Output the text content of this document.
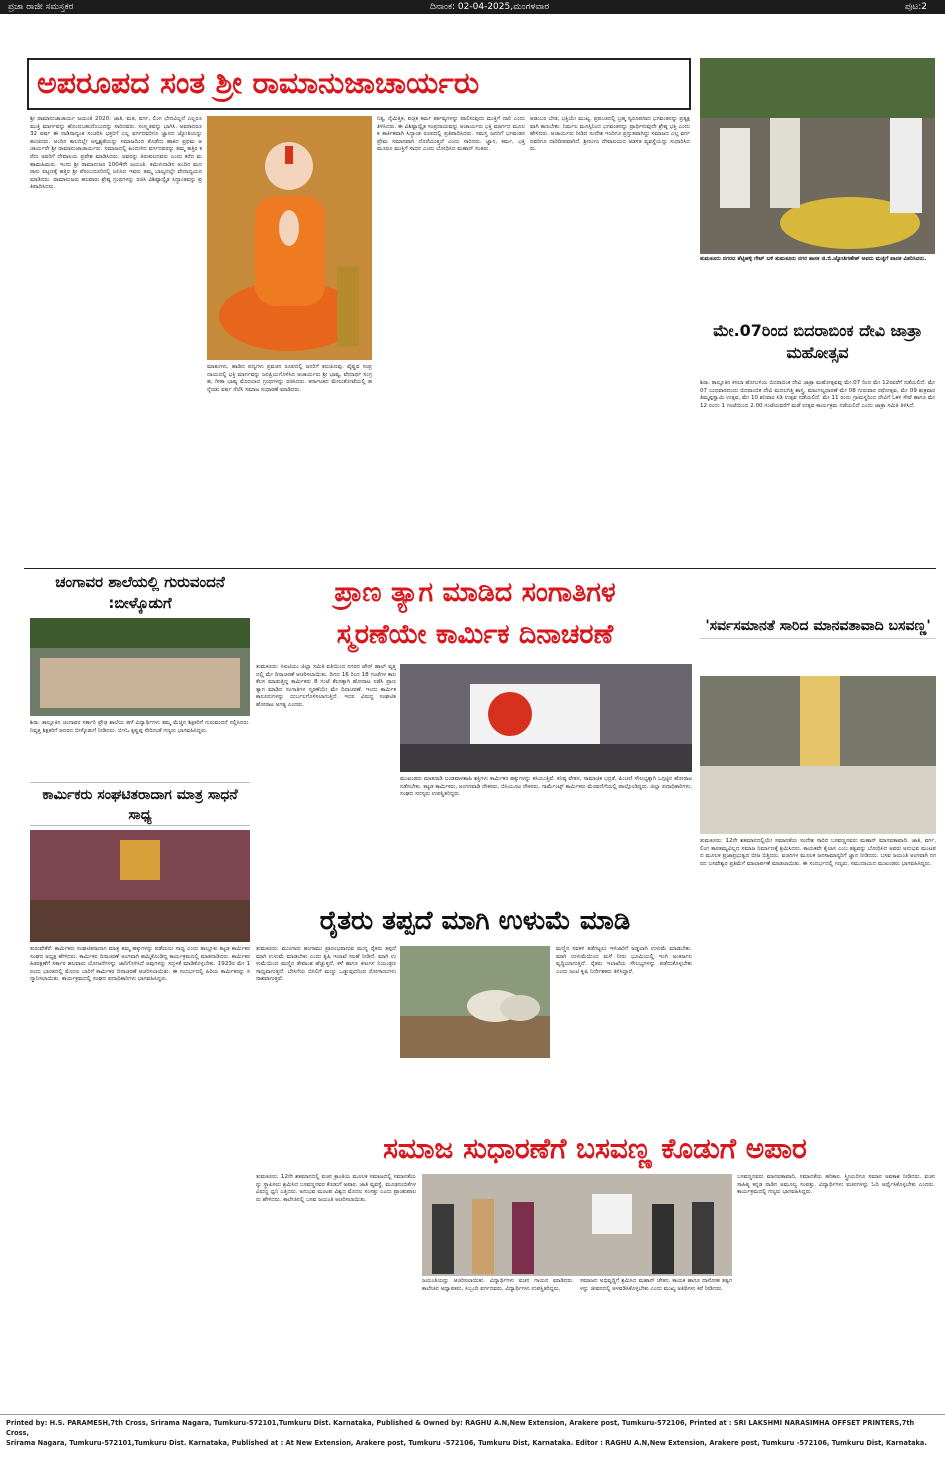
ಪ್ರಜಾ ರಾಜೀ ಸಮಸ್ತಕರ	ದಿನಾಂಕ: 02-04-2025,ಮಂಗಳವಾರ	ಪುಟ:2
ಅಪರೂಪದ ಸಂತ ಶ್ರೀ ರಾಮಾನುಜಾಚಾರ್ಯರು
ಶ್ರೀ ರಾಮಾನುಜಾಚಾರ್ಯ ಜಯಂತಿ 2020: ಜಾತಿ, ಮತ, ವರ್ಗ, ಲಿಂಗ ಭೇದವಿಲ್ಲದೆ ಎಲ್ಲರೂ ಮುಕ್ತಿ ಮಾರ್ಗವನ್ನು ಹೊಂದಬಹುದೆಂಬುದನ್ನು ಸಾರಿದವರು. ಸಂಸ್ಕೃತವನ್ನು ಭಾಗಿಸಿ. ಅವರಾದರೂ 32 ವರ್ಷ ಈ ನಾಡಿನಾದ್ಯಂತ ಸಂಚರಿಸಿ ಭಕ್ತರಿಗೆ ಎಲ್ಲ ವರ್ಗದವರಿಗೂ ಜ್ಞಾನದ ಜ್ಯೋತಿಯನ್ನು ಹಂಚಿದರು. ಅಂದಿನ ಕಾಲದಲ್ಲೇ ಅಸ್ಪೃಶ್ಯತೆಯನ್ನು ಸಮಾಜದಿಂದ ತೊಡೆದು ಹಾಕಿದ ಪ್ರಥಮ ಆಚಾರ್ಯರೇ ಶ್ರೀ ರಾಮಾನುಜಾಚಾರ್ಯರು. ಸಮಾಜದಲ್ಲಿ ಹಿಂದುಳಿದ ವರ್ಗದವರನ್ನು ತಮ್ಮ ಹತ್ತಿರ ಕರೆದು ಅವರಿಗೆ ದೇವಾಲಯ ಪ್ರವೇಶ ಮಾಡಿಸಿದರು. ಅವರನ್ನು ತಿರುಕುಲದವರು ಎಂದು ಕರೆದ ಮಹಾಮಹಿಮರು. ಇಂದು ಶ್ರೀ ರಾಮಾನುಜರ 1004ನೇ ಜಯಂತಿ. ತಮಿಳುನಾಡಿನ ಅಂದಿನ ಮದರಾಸು ಪಟ್ಟಣಕ್ಕೆ ಹತ್ತಿರ ಶ್ರೀ ಪೆರಂಬದೂರಿನಲ್ಲಿ ಜನಿಸಿದ ಇವರು ತಮ್ಮ ಬಾಲ್ಯದಲ್ಲೇ ವೇದಾಧ್ಯಯನ ಮಾಡಿದರು. ರಾಮಾನುಜರು ಹಲವಾರು ಶ್ರೇಷ್ಠ ಗ್ರಂಥಗಳನ್ನು ರಚಿಸಿ ವಿಶಿಷ್ಟಾದ್ವೈತ ಸಿದ್ಧಾಂತವನ್ನು ಪ್ರತಿಪಾದಿಸಿದರು.
ಮಾತುಗಳು, ಹಾಡಿದ ಪದ್ಯಗಳು ಪ್ರವಚನ ರೂಪದಲ್ಲಿ ಜನರಿಗೆ ತಲುಪಿದವು. ವೈಷ್ಣವ ಸಂಪ್ರದಾಯದಲ್ಲಿ ಭಕ್ತಿ ಮಾರ್ಗವನ್ನು ಜನಪ್ರಿಯಗೊಳಿಸಿದ ಆಚಾರ್ಯರು ಶ್ರೀ ಭಾಷ್ಯ, ವೇದಾರ್ಥ ಸಂಗ್ರಹ, ಗೀತಾ ಭಾಷ್ಯ ಮೊದಲಾದ ಗ್ರಂಥಗಳನ್ನು ರಚಿಸಿದರು. ಕರ್ನಾಟಕದ ಮೇಲುಕೋಟೆಯಲ್ಲಿ ಹನ್ನೆರಡು ವರ್ಷ ನೆಲೆಸಿ ಸಮಾಜ ಸುಧಾರಣೆ ಮಾಡಿದರು.
ನಿತ್ಯ, ನೈಮಿತ್ತಿಕ, ಐಚ್ಛಿಕ ಕರ್ಮ ಕರ್ತವ್ಯಗಳನ್ನು ಪಾಲಿಸುವುದು ಮುಕ್ತಿಗೆ ದಾರಿ ಎಂದು ತಿಳಿಸಿದರು. ಈ ವಿಶಿಷ್ಟಾದ್ವೈತ ಸಂಪ್ರದಾಯವನ್ನು ಆಚಾರ್ಯರು ಭಕ್ತಿ ಮಾರ್ಗದ ಮೂಲಕ ತಾರ್ಕಿಕವಾಗಿ ಸಿದ್ಧಾಂತ ರೂಪದಲ್ಲಿ ಪ್ರತಿಪಾದಿಸಿದರು. ಸಮಸ್ತ ಜನರಿಗೆ ಭಗವಂತನ ಪ್ರೇಮ ಸಮಾನವಾಗಿ ದೊರೆಯುತ್ತದೆ ಎಂದು ಸಾರಿದರು. ಜ್ಞಾನ, ಕರ್ಮ, ಭಕ್ತಿ ಮೂರೂ ಮುಕ್ತಿಗೆ ಸಾಧನ ಎಂದು ಬೋಧಿಸಿದ ಮಹಾನ್ ಸಂತರು.
ಆಡಂಬರ ಬೇಡ, ಭಕ್ತಿಯೇ ಮುಖ್ಯ. ಪ್ರಪಂಚದಲ್ಲಿ ಬ್ರಹ್ಮ ಸ್ವರೂಪನಾದ ಭಗವಂತನನ್ನು ಪ್ರತ್ಯಕ್ಷವಾಗಿ ಕಾಣಬೇಕು. ನಿರ್ಮಲ ಮನಸ್ಸಿನಿಂದ ಭಗವಂತನನ್ನು ಪ್ರಾರ್ಥಿಸುವುದೇ ಶ್ರೇಷ್ಠ ಭಕ್ತಿ ಎಂದು ಹೇಳಿದರು. ಆಚಾರ್ಯರು ನೀಡಿದ ಸಂದೇಶ ಇಂದಿಗೂ ಪ್ರಸ್ತುತವಾಗಿದ್ದು ಸಮಾಜದ ಎಲ್ಲ ವರ್ಗದವರಿಗೂ ದಾರಿದೀಪವಾಗಿದೆ. ಶ್ರೀರಂಗಂ ದೇವಾಲಯದ ಆಡಳಿತ ವ್ಯವಸ್ಥೆಯನ್ನು ಸುಧಾರಿಸಿದರು.
ತುಮಕೂರು ನಗರದ ಶೆಟ್ಟಿಹಳ್ಳಿ ಗೇಟ್ ಬಳಿ ತುಮಕೂರು ನಗರ ಶಾಸಕ ಜಿ.ಬಿ.ಜ್ಯೋತಿಗಣೇಶ್ ಅವರು ಮಜ್ಜಿಗೆ ಪಾನಕ ವಿತರಿಸಿದರು.
ಮೇ.07ರಿಂದ ಬಿದರಾಬಿಂಕ ದೇವಿ ಜಾತ್ರಾ ಮಹೋತ್ಸವ
ಶಿರಾ: ತಾಲ್ಲೂಕಿನ ಕಸಬಾ ಹೋಬಳಿಯ ಬಿದರಾಬಿಂಕ ದೇವಿ ಜಾತ್ರಾ ಮಹೋತ್ಸವವು ಮೇ.07 ರಿಂದ ಮೇ 12ರವರೆಗೆ ನಡೆಯಲಿದೆ. ಮೇ 07 ಬುಧವಾರದಂದು ಬಿದರಾಂಬಿಕ ದೇವಿ ಮದಲಗಿತ್ತಿ ಶಾಸ್ತ್ರ, ಮಾಂಗಲ್ಯಧಾರಣೆ ಮೇ 08 ಗುರುವಾರ ರಥೋತ್ಸವ, ಮೇ 09 ಶುಕ್ರವಾರ ತಿಮ್ಮಪ್ಪಸ್ವಾಮಿ ಉತ್ಸವ, ಮೇ 10 ಶನಿವಾರ ಸಿಡಿ ಉತ್ಸವ ನಡೆಯಲಿದೆ. ಮೇ 11 ರಂದು ಗ್ರಾಮಸ್ಥರಿಂದ ದೇವಿಗೆ ಓಕಳಿ ಸೇವೆ ಹಾಗೂ ಮೇ 12 ರಂದು 1 ಗಂಟೆಯಿಂದ 2.00 ಗಂಟೆಯವರೆಗೆ ಮಡೆ ಉತ್ಸವ ಕಾರ್ಯಕ್ರಮ ನಡೆಯಲಿದೆ ಎಂದು ಜಾತ್ರಾ ಸಮಿತಿ ತಿಳಿಸಿದೆ.
ಚಂಗಾವರ ಶಾಲೆಯಲ್ಲಿ ಗುರುವಂದನೆ :ಬೀಳ್ಕೊಡುಗೆ
ಶಿರಾ: ತಾಲ್ಲೂಕಿನ ಚಂಗಾವರ ಸರ್ಕಾರಿ ಪ್ರೌಢ ಶಾಲೆಯ ಹಳೆ ವಿದ್ಯಾರ್ಥಿಗಳು ತಮ್ಮ ಮೆಚ್ಚಿನ ಶಿಕ್ಷಕರಿಗೆ ಗುರುವಂದನೆ ಸಲ್ಲಿಸಿದರು. ನಿವೃತ್ತ ಶಿಕ್ಷಕರಿಗೆ ಆದರದ ಬೀಳ್ಕೊಡುಗೆ ನೀಡಿದರು. ಬಿಇಓ ಕೃಷ್ಣಪ್ಪ ಸೇರಿದಂತೆ ಗಣ್ಯರು ಭಾಗವಹಿಸಿದ್ದರು.
ಕಾರ್ಮಿಕರು ಸಂಘಟಿತರಾದಾಗ ಮಾತ್ರ ಸಾಧನೆ ಸಾಧ್ಯ
ತುರುವೇಕೆರೆ: ಕಾರ್ಮಿಕರು ಸಂಘಟಿತರಾದಾಗ ಮಾತ್ರ ತಮ್ಮ ಹಕ್ಕುಗಳನ್ನು ಪಡೆಯಲು ಸಾಧ್ಯ ಎಂದು ತಾಲ್ಲೂಕು ಕಟ್ಟಡ ಕಾರ್ಮಿಕರ ಸಂಘದ ಅಧ್ಯಕ್ಷ ಹೇಳಿದರು. ಕಾರ್ಮಿಕರ ದಿನಾಚರಣೆ ಅಂಗವಾಗಿ ಹಮ್ಮಿಕೊಂಡಿದ್ದ ಕಾರ್ಯಕ್ರಮದಲ್ಲಿ ಮಾತನಾಡಿದರು. ಕಾರ್ಮಿಕರ ಹಿತರಕ್ಷಣೆಗೆ ಸರ್ಕಾರ ಹಲವಾರು ಯೋಜನೆಗಳನ್ನು ಜಾರಿಗೊಳಿಸಿದೆ ಅವುಗಳನ್ನು ಸದ್ಬಳಕೆ ಮಾಡಿಕೊಳ್ಳಬೇಕು. 1923ರ ಮೇ 1 ರಂದು ಭಾರತದಲ್ಲಿ ಮೊದಲ ಬಾರಿಗೆ ಕಾರ್ಮಿಕರ ದಿನಾಚರಣೆ ಆಚರಿಸಲಾಯಿತು. ಈ ಸಂದರ್ಭದಲ್ಲಿ ಹಿರಿಯ ಕಾರ್ಮಿಕರನ್ನು ಸನ್ಮಾನಿಸಲಾಯಿತು. ಕಾರ್ಯಕ್ರಮದಲ್ಲಿ ಸಂಘದ ಪದಾಧಿಕಾರಿಗಳು ಭಾಗವಹಿಸಿದ್ದರು.
ಪ್ರಾಣ ತ್ಯಾಗ ಮಾಡಿದ ಸಂಗಾತಿಗಳ
ಸ್ಮರಣೆಯೇ ಕಾರ್ಮಿಕ ದಿನಾಚರಣೆ
ತುಮಕೂರು: ಸಿಐಟಿಯು ಜಿಲ್ಲಾ ಸಮಿತಿ ವತಿಯಿಂದ ನಗರದ ಟೌನ್ ಹಾಲ್ ವೃತ್ತದಲ್ಲಿ ಮೇ ದಿನಾಚರಣೆ ಆಚರಿಸಲಾಯಿತು. ದಿನದ 16 ರಿಂದ 18 ಗಂಟೆಗಳ ಕಾಲ ಕೆಲಸ ಮಾಡುತ್ತಿದ್ದ ಕಾರ್ಮಿಕರು 8 ಗಂಟೆ ಕೆಲಸಕ್ಕಾಗಿ ಹೋರಾಟ ನಡೆಸಿ ಪ್ರಾಣ ತ್ಯಾಗ ಮಾಡಿದ ಸಂಗಾತಿಗಳ ಸ್ಮರಣೆಯೇ ಮೇ ದಿನಾಚರಣೆ. ಇಂದು ಕಾರ್ಮಿಕ ಕಾನೂನುಗಳನ್ನು ದುರ್ಬಲಗೊಳಿಸಲಾಗುತ್ತಿದೆ. ಇದರ ವಿರುದ್ಧ ಸಂಘಟಿತ ಹೋರಾಟ ಅಗತ್ಯ ಎಂದರು.
ಮುಖಂಡರು ಮಾತನಾಡಿ ಬಂಡವಾಳಶಾಹಿ ಶಕ್ತಿಗಳು ಕಾರ್ಮಿಕರ ಹಕ್ಕುಗಳನ್ನು ಕಸಿಯುತ್ತಿವೆ. ಕನಿಷ್ಠ ವೇತನ, ಸಾಮಾಜಿಕ ಭದ್ರತೆ, ಪಿಂಚಣಿ ಸೌಲಭ್ಯಕ್ಕಾಗಿ ಒಗ್ಗಟ್ಟಿನ ಹೋರಾಟ ನಡೆಸಬೇಕು. ಕಟ್ಟಡ ಕಾರ್ಮಿಕರು, ಅಂಗನವಾಡಿ ನೌಕರರು, ಬಿಸಿಯೂಟ ನೌಕರರು, ಗಾರ್ಮೆಂಟ್ಸ್ ಕಾರ್ಮಿಕರು ಮೆರವಣಿಗೆಯಲ್ಲಿ ಪಾಲ್ಗೊಂಡಿದ್ದರು. ಜಿಲ್ಲಾ ಪದಾಧಿಕಾರಿಗಳು, ಸಂಘದ ಸದಸ್ಯರು ಉಪಸ್ಥಿತರಿದ್ದರು.
'ಸರ್ವಸಮಾನತೆ ಸಾರಿದ ಮಾನವತಾವಾದಿ ಬಸವಣ್ಣ'
ತುಮಕೂರು: 12ನೇ ಶತಮಾನದಲ್ಲಿಯೇ ಸಮಾನತೆಯ ಸಂದೇಶ ಸಾರಿದ ಬಸವಣ್ಣನವರು ಮಹಾನ್ ಮಾನವತಾವಾದಿ. ಜಾತಿ, ವರ್ಗ, ಲಿಂಗ ತಾರತಮ್ಯವಿಲ್ಲದ ಸಮಾಜ ನಿರ್ಮಾಣಕ್ಕೆ ಶ್ರಮಿಸಿದರು. ಕಾಯಕವೇ ಕೈಲಾಸ ಎಂಬ ತತ್ವವನ್ನು ಬೋಧಿಸಿದ ಅವರು ಅನುಭವ ಮಂಟಪದ ಮೂಲಕ ಪ್ರಜಾಪ್ರಭುತ್ವದ ಬೀಜ ಬಿತ್ತಿದರು. ವಚನಗಳ ಮೂಲಕ ಜನಸಾಮಾನ್ಯರಿಗೆ ಜ್ಞಾನ ನೀಡಿದರು. ಬಸವ ಜಯಂತಿ ಅಂಗವಾಗಿ ನಗರದ ಬಸವೇಶ್ವರ ಪ್ರತಿಮೆಗೆ ಮಾಲಾರ್ಪಣೆ ಮಾಡಲಾಯಿತು. ಈ ಸಂದರ್ಭದಲ್ಲಿ ಗಣ್ಯರು, ಸಮುದಾಯದ ಮುಖಂಡರು ಭಾಗವಹಿಸಿದ್ದರು.
ರೈತರು ತಪ್ಪದೆ ಮಾಗಿ ಉಳುಮೆ ಮಾಡಿ
ತುಮಕೂರು: ಮುಂಗಾರು ಹಂಗಾಮು ಪ್ರಾರಂಭವಾಗುವ ಮುನ್ನ ರೈತರು ತಪ್ಪದೆ ಮಾಗಿ ಉಳುಮೆ ಮಾಡಬೇಕು ಎಂದು ಕೃಷಿ ಇಲಾಖೆ ಸಲಹೆ ನೀಡಿದೆ. ಮಾಗಿ ಉಳುಮೆಯಿಂದ ಮಣ್ಣಿನ ತೇವಾಂಶ ಹೆಚ್ಚುತ್ತದೆ, ಕಳೆ ಹಾಗೂ ಕೀಟಗಳ ನಿಯಂತ್ರಣ ಸಾಧ್ಯವಾಗುತ್ತದೆ. ಬೇಸಿಗೆಯ ಬಿಸಿಲಿಗೆ ಮಣ್ಣು ಒಡ್ಡುವುದರಿಂದ ರೋಗಾಣುಗಳು ನಾಶವಾಗುತ್ತವೆ.
ಮಣ್ಣಿನ ಸವಕಳಿ ತಡೆಗಟ್ಟಲು ಇಳಿಜಾರಿಗೆ ಅಡ್ಡಲಾಗಿ ಉಳುಮೆ ಮಾಡಬೇಕು. ಮಾಗಿ ಉಳುಮೆಯಿಂದ ಮಳೆ ನೀರು ಭೂಮಿಯಲ್ಲಿ ಇಂಗಿ ಅಂತರ್ಜಲ ವೃದ್ಧಿಯಾಗುತ್ತದೆ. ರೈತರು ಇಲಾಖೆಯ ಸೌಲಭ್ಯಗಳನ್ನು ಪಡೆದುಕೊಳ್ಳಬೇಕು ಎಂದು ಜಂಟಿ ಕೃಷಿ ನಿರ್ದೇಶಕರು ತಿಳಿಸಿದ್ದಾರೆ.
ಸಮಾಜ ಸುಧಾರಣೆಗೆ ಬಸವಣ್ಣ ಕೊಡುಗೆ ಅಪಾರ
ತುಮಕೂರು: 12ನೇ ಶತಮಾನದಲ್ಲಿ ವಚನ ಕ್ರಾಂತಿಯ ಮೂಲಕ ಸಮಾಜದಲ್ಲಿ ಸಮಾನತೆಯನ್ನು ಸ್ಥಾಪಿಸಲು ಶ್ರಮಿಸಿದ ಬಸವಣ್ಣನವರ ಕೊಡುಗೆ ಅಪಾರ. ಜಾತಿ ವ್ಯವಸ್ಥೆ, ಮೂಢನಂಬಿಕೆಗಳ ವಿರುದ್ಧ ಧ್ವನಿ ಎತ್ತಿದರು. ಅನುಭವ ಮಂಟಪ ವಿಶ್ವದ ಮೊದಲ ಸಂಸತ್ತು ಎಂದು ಪ್ರಾಂಶುಪಾಲರು ಹೇಳಿದರು. ಕಾಲೇಜಿನಲ್ಲಿ ಬಸವ ಜಯಂತಿ ಆಚರಿಸಲಾಯಿತು.
ಜಯಂತಿಯನ್ನು ಆಚರಿಸಲಾಯಿತು. ವಿದ್ಯಾರ್ಥಿಗಳು ವಚನ ಗಾಯನ ಮಾಡಿದರು. ಕಾಲೇಜಿನ ಅಧ್ಯಾಪಕರು, ಸಿಬ್ಬಂದಿ ವರ್ಗದವರು, ವಿದ್ಯಾರ್ಥಿಗಳು ಉಪಸ್ಥಿತರಿದ್ದರು.
ಸಮಾಜದ ಅಭಿವೃದ್ಧಿಗೆ ಶ್ರಮಿಸಿದ ಮಹಾನ್ ಚೇತನ. ಕಾಯಕ ಹಾಗೂ ದಾಸೋಹ ತತ್ವಗಳನ್ನು ಜೀವನದಲ್ಲಿ ಅಳವಡಿಸಿಕೊಳ್ಳಬೇಕು ಎಂದು ಮುಖ್ಯ ಅತಿಥಿಗಳು ಕರೆ ನೀಡಿದರು.
ಬಸವಣ್ಣನವರು ಮಾನವತಾವಾದಿ, ಸಮಾನತೆಯ ಹರಿಕಾರ. ಸ್ತ್ರೀಯರಿಗೂ ಸಮಾನ ಅವಕಾಶ ನೀಡಿದರು. ವಚನ ಸಾಹಿತ್ಯ ಕನ್ನಡ ನಾಡಿನ ಅಮೂಲ್ಯ ಸಂಪತ್ತು. ವಿದ್ಯಾರ್ಥಿಗಳು ವಚನಗಳನ್ನು ಓದಿ ಅರ್ಥೈಸಿಕೊಳ್ಳಬೇಕು ಎಂದರು. ಕಾರ್ಯಕ್ರಮದಲ್ಲಿ ಗಣ್ಯರು ಭಾಗವಹಿಸಿದ್ದರು.
Printed by: H.S. PARAMESH,7th Cross, Srirama Nagara, Tumkuru-572101,Tumkuru Dist. Karnataka, Published & Owned by: RAGHU A.N,New Extension, Arakere post, Tumkuru-572106, Printed at : SRI LAKSHMI NARASIMHA OFFSET PRINTERS,7th Cross,
Srirama Nagara, Tumkuru-572101,Tumkuru Dist. Karnataka, Published at : At New Extension, Arakere post, Tumkuru -572106, Tumkuru Dist, Karnataka. Editor : RAGHU A.N,New Extension, Arakere post, Tumkuru -572106, Tumkuru Dist, Karnataka.
